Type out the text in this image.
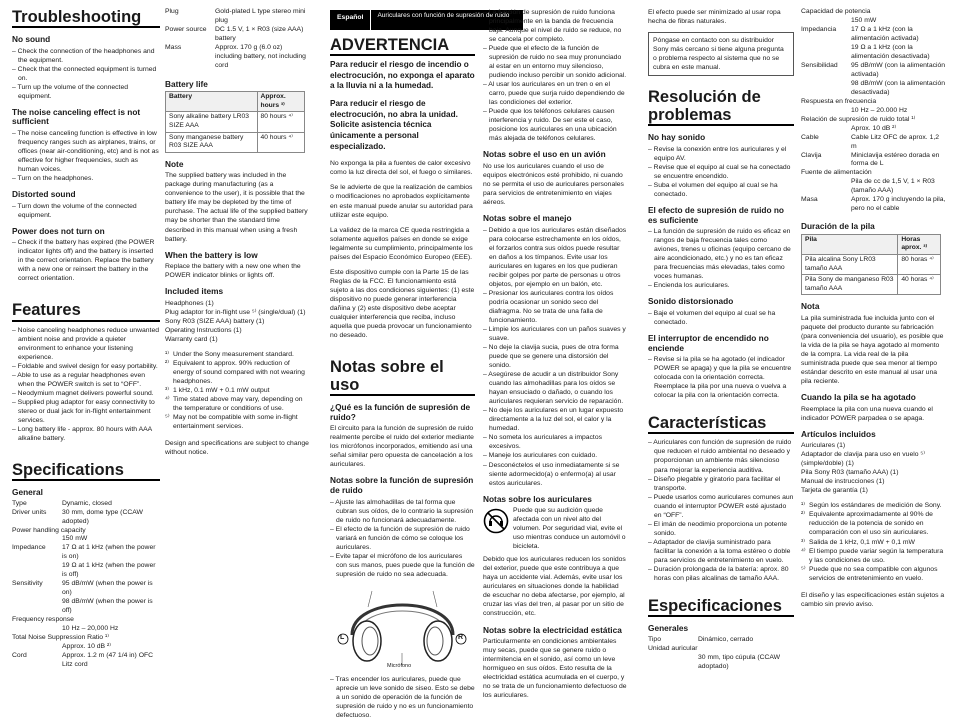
Troubleshooting
No sound
– Check the connection of the headphones and the equipment.
– Check that the connected equipment is turned on.
– Turn up the volume of the connected equipment.
The noise canceling effect is not sufficient
– The noise canceling function is effective in low frequency ranges such as airplanes, trains, or offices (near air-conditioning, etc) and is not as effective for higher frequencies, such as human voices.
– Turn on the headphones.
Distorted sound
– Turn down the volume of the connected equipment.
Power does not turn on
– Check if the battery has expired (the POWER indicator lights off) and the battery is inserted in the correct orientation. Replace the battery with a new one or reinsert the battery in the correct orientation.
Features
– Noise canceling headphones reduce unwanted ambient noise and provide a quieter environment to enhance your listening experience.
– Foldable and swivel design for easy portability.
– Able to use as a regular headphones even when the POWER switch is set to “OFF”.
– Neodymium magnet delivers powerful sound.
– Supplied plug adaptor for easy connectivity to stereo or dual jack for in-flight entertainment services.
– Long battery life - approx. 80 hours with AAA alkaline battery.
Specifications
General
Type	Dynamic, closed
Driver units	30 mm, dome type (CCAW adopted)
Power handling capacity	
	150 mW
Impedance	17 Ω at 1 kHz (when the power is on)
	19 Ω at 1 kHz (when the power is off)
Sensitivity	95 dB/mW (when the power is on)
	98 dB/mW (when the power is off)
Frequency response	
	10 Hz – 20,000 Hz
Total Noise Suppression Ratio ¹⁾	
	Approx. 10 dB ²⁾
Cord	Approx. 1.2 m (47 1/4 in) OFC Litz cord
Plug	Gold-plated L type stereo mini plug
Power source	DC 1.5 V, 1 × R03 (size AAA) battery
Mass	Approx. 170 g (6.0 oz) including battery, not including cord
Battery life
Battery	Approx. hours ³⁾
Sony alkaline battery LR03 SIZE AAA	80 hours ⁴⁾
Sony manganese battery R03 SIZE AAA	40 hours ⁴⁾
Note

The supplied battery was included in the package during manufacturing (as a convenience to the user), it is possible that the battery life may be depleted by the time of purchase. The actual life of the supplied battery may be shorter than the standard time described in this manual when using a fresh battery.

When the battery is low

Replace the battery with a new one when the POWER indicator blinks or lights off.

Included items

Headphones (1)

Plug adaptor for in-flight use ⁵⁾ (single/dual) (1)

Sony R03 (SIZE AAA) battery (1)

Operating Instructions (1)

Warranty card (1)

¹⁾ Under the Sony measurement standard.
²⁾ Equivalent to approx. 90% reduction of energy of sound compared with not wearing headphones.
³⁾ 1 kHz, 0.1 mW + 0.1 mW output
⁴⁾ Time stated above may vary, depending on the temperature or conditions of use.
⁵⁾ May not be compatible with some in-flight entertainment services.

Design and specifications are subject to change without notice.

Español	Auriculares con función de supresión de ruido
ADVERTENCIA

Para reducir el riesgo de incendio o electrocución, no exponga el aparato a la lluvia ni a la humedad.

Para reducir el riesgo de electrocución, no abra la unidad. Solicite asistencia técnica únicamente a personal especializado.

No exponga la pila a fuentes de calor excesivo como la luz directa del sol, el fuego o similares.

Se le advierte de que la realización de cambios o modificaciones no aprobados explícitamente en este manual puede anular su autoridad para utilizar este equipo.

La validez de la marca CE queda restringida a solamente aquellos países en donde se exige legalmente su cumplimiento, principalmente los países del Espacio Económico Europeo (EEE).

Este dispositivo cumple con la Parte 15 de las Reglas de la FCC. El funcionamiento está sujeto a las dos condiciones siguientes: (1) este dispositivo no puede generar interferencia dañina y (2) este dispositivo debe aceptar cualquier interferencia que reciba, incluso aquella que pueda provocar un funcionamiento no deseado.

Notas sobre el uso
¿Qué es la función de supresión de ruido?

El circuito para la función de supresión de ruido realmente percibe el ruido del exterior mediante los micrófonos incorporados, emitiendo así una señal similar pero opuesta de cancelación a los auriculares.

Notas sobre la función de supresión de ruido
– Ajuste las almohadillas de tal forma que cubran sus oídos, de lo contrario la supresión de ruido no funcionará adecuadamente.
– El efecto de la función de supresión de ruido variará en función de cómo se coloque los auriculares.
– Evite tapar el micrófono de los auriculares con sus manos, pues puede que la función de supresión de ruido no sea adecuada.
L	R
Micrófono
– Tras encender los auriculares, puede que aprecie un leve sonido de siseo. Esto se debe a un sonido de operación de la función de supresión de ruido y no es un funcionamiento defectuoso.
– La función de supresión de ruido funciona principalmente en la banda de frecuencia baja. Aunque el nivel de ruido se reduce, no se cancela por completo.
– Puede que el efecto de la función de supresión de ruido no sea muy pronunciado al estar en un entorno muy silencioso, pudiendo incluso percibir un sonido adicional.
– Al usar los auriculares en un tren o en el carro, puede que surja ruido dependiendo de las condiciones del exterior.
– Puede que los teléfonos celulares causen interferencia y ruido. De ser este el caso, posicione los auriculares en una ubicación más alejada de teléfonos celulares.
Notas sobre el uso en un avión

No use los auriculares cuando el uso de equipos electrónicos esté prohibido, ni cuando no se permita el uso de auriculares personales para servicios de entretenimiento en viajes aéreos.

Notas sobre el manejo
– Debido a que los auriculares están diseñados para colocarse estrechamente en los oídos, el forzarlos contra sus oídos puede resultar en daños a los tímpanos. Evite usar los auriculares en lugares en los que pudieran recibir golpes por parte de personas u otros objetos, por ejemplo en un balón, etc.
– Presionar los auriculares contra los oídos podría ocasionar un sonido seco del diafragma. No se trata de una falla de funcionamiento.
– Limpie los auriculares con un paños suaves y suave.
– No deje la clavija sucia, pues de otra forma puede que se genere una distorsión del sonido.
– Asegúrese de acudir a un distribuidor Sony cuando las almohadillas para los oídos se hayan ensuciado o dañado, o cuando los auriculares requieran servicio de reparación.
– No deje los auriculares en un lugar expuesto directamente a la luz del sol, el calor y la humedad.
– No someta los auriculares a impactos excesivos.
– Maneje los auriculares con cuidado.
– Desconéctelos el uso inmediatamente si se siente adormecido(a) o enfermo(a) al usar estos auriculares.
Notas sobre los auriculares

Puede que su audición quede afectada con un nivel alto del volumen. Por seguridad vial, evite el uso mientras conduce un automóvil o bicicleta.

Debido que los auriculares reducen los sonidos del exterior, puede que este contribuya a que haya un accidente vial. Además, evite usar los auriculares en situaciones donde la habilidad de escuchar no deba afectarse, por ejemplo, al cruzar las vías del tren, al pasar por un sitio de construcción, etc.

Notas sobre la electricidad estática

Particularmente en condiciones ambientales muy secas, puede que se genere ruido o intermitencia en el sonido, así como un leve hormigueo en sus oídos. Esto resulta de la electricidad estática acumulada en el cuerpo, y no se trata de un funcionamiento defectuoso de los auriculares.

El efecto puede ser minimizado al usar ropa hecha de fibras naturales.

Póngase en contacto con su distribuidor Sony más cercano si tiene alguna pregunta o problema respecto al sistema que no se cubra en este manual.
Resolución de problemas
No hay sonido
– Revise la conexión entre los auriculares y el equipo AV.
– Revise que el equipo al cual se ha conectado se encuentre encendido.
– Suba el volumen del equipo al cual se ha conectado.
El efecto de supresión de ruido no es suficiente
– La función de supresión de ruido es eficaz en rangos de baja frecuencia tales como aviones, trenes u oficinas (equipo cercano de aire acondicionado, etc.) y no es tan eficaz para frecuencias más elevadas, tales como voces humanas.
– Encienda los auriculares.
Sonido distorsionado
– Baje el volumen del equipo al cual se ha conectado.
El interruptor de encendido no enciende
– Revise si la pila se ha agotado (el indicador POWER se apaga) y que la pila se encuentre colocada con la orientación correcta. Reemplace la pila por una nueva o vuelva a colocar la pila con la orientación correcta.
Características
– Auriculares con función de supresión de ruido que reducen el ruido ambiental no deseado y proporcionan un ambiente más silencioso para mejorar la experiencia auditiva.
– Diseño plegable y giratorio para facilitar el transporte.
– Puede usarlos como auriculares comunes aun cuando el interruptor POWER esté ajustado en “OFF”.
– El imán de neodimio proporciona un potente sonido.
– Adaptador de clavija suministrado para facilitar la conexión a la toma estéreo o doble para servicios de entretenimiento en vuelo.
– Duración prolongada de la batería: aprox. 80 horas con pilas alcalinas de tamaño AAA.
Especificaciones
Generales
Tipo	Dinámico, cerrado
Unidad auricular	
	30 mm, tipo cúpula (CCAW adoptado)
Capacidad de potencia	
	150 mW
Impedancia	17 Ω a 1 kHz (con la alimentación activada)
	19 Ω a 1 kHz (con la alimentación desactivada)
Sensibilidad	95 dB/mW (con la alimentación activada)
	98 dB/mW (con la alimentación desactivada)
Respuesta en frecuencia	
	10 Hz – 20.000 Hz
Relación de supresión de ruido total ¹⁾	
	Aprox. 10 dB ²⁾
Cable	Cable Litz OFC de aprox. 1,2 m
Clavija	Miniclavija estéreo dorada en forma de L
Fuente de alimentación	
	Pila de cc de 1,5 V, 1 × R03 (tamaño AAA)
Masa	Aprox. 170 g incluyendo la pila, pero no el cable
Duración de la pila
Pila	Horas aprox. ³⁾
Pila alcalina Sony LR03 tamaño AAA	80 horas ⁴⁾
Pila Sony de manganeso R03 tamaño AAA	40 horas ⁴⁾
Nota

La pila suministrada fue incluida junto con el paquete del producto durante su fabricación (para conveniencia del usuario), es posible que la vida de la pila se haya agotado al momento de la compra. La vida real de la pila suministrada puede que sea menor al tiempo estándar descrito en este manual al usar una pila reciente.

Cuando la pila se ha agotado

Reemplace la pila con una nueva cuando el indicador POWER parpadea o se apaga.

Artículos incluidos

Auriculares (1)

Adaptador de clavija para uso en vuelo ⁵⁾ (simple/doble) (1)

Pila Sony R03 (tamaño AAA) (1)

Manual de instrucciones (1)

Tarjeta de garantía (1)

¹⁾ Según los estándares de medición de Sony.
²⁾ Equivalente aproximadamente al 90% de reducción de la potencia de sonido en comparación con el uso sin auriculares.
³⁾ Salida de 1 kHz, 0,1 mW + 0,1 mW
⁴⁾ El tiempo puede variar según la temperatura y las condiciones de uso.
⁵⁾ Puede que no sea compatible con algunos servicios de entretenimiento en vuelo.

El diseño y las especificaciones están sujetos a cambio sin previo aviso.
